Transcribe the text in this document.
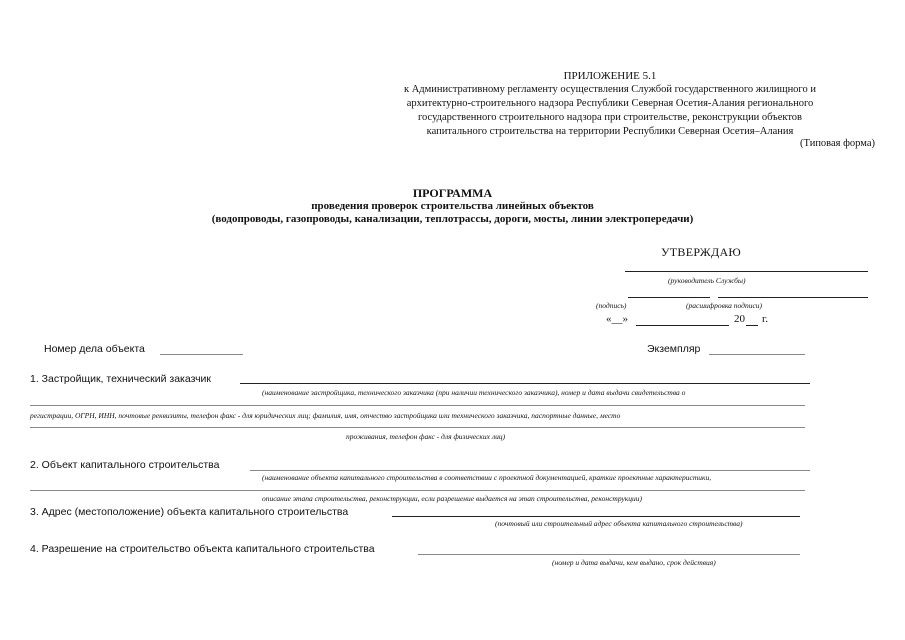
ПРИЛОЖЕНИЕ 5.1
к Административному регламенту осуществления Службой государственного жилищного и
архитектурно-строительного надзора Республики Северная Осетия-Алания регионального
государственного строительного надзора при строительстве, реконструкции объектов
капитального строительства на территории Республики Северная Осетия–Алания
(Типовая форма)
ПРОГРАММА
проведения проверок строительства линейных объектов
(водопроводы, газопроводы, канализации, теплотрассы, дороги, мосты, линии электропередачи)
УТВЕРЖДАЮ
(руководитель Службы)
(подпись)	(расшифровка подписи)
«__»	20 г.
Номер дела объекта	Экземпляр
1. Застройщик, технический заказчик
(наименование застройщика, технического заказчика (при наличии технического заказчика), номер и дата выдачи свидетельства о
регистрации, ОГРН, ИНН, почтовые реквизиты, телефон факс - для юридических лиц; фамилия, имя, отчество застройщика или технического заказчика, паспортные данные, место
проживания, телефон факс - для физических лиц)
2. Объект капитального строительства
(наименование объекта капитального строительства в соответствии с проектной документацией, краткие проектные характеристики,
описание этапа строительства, реконструкции, если разрешение выдается на этап строительства, реконструкции)
3. Адрес (местоположение) объекта капитального строительства
(почтовый или строительный адрес объекта капитального строительства)
4. Разрешение на строительство объекта капитального строительства
(номер и дата выдачи, кем выдано, срок действия)
